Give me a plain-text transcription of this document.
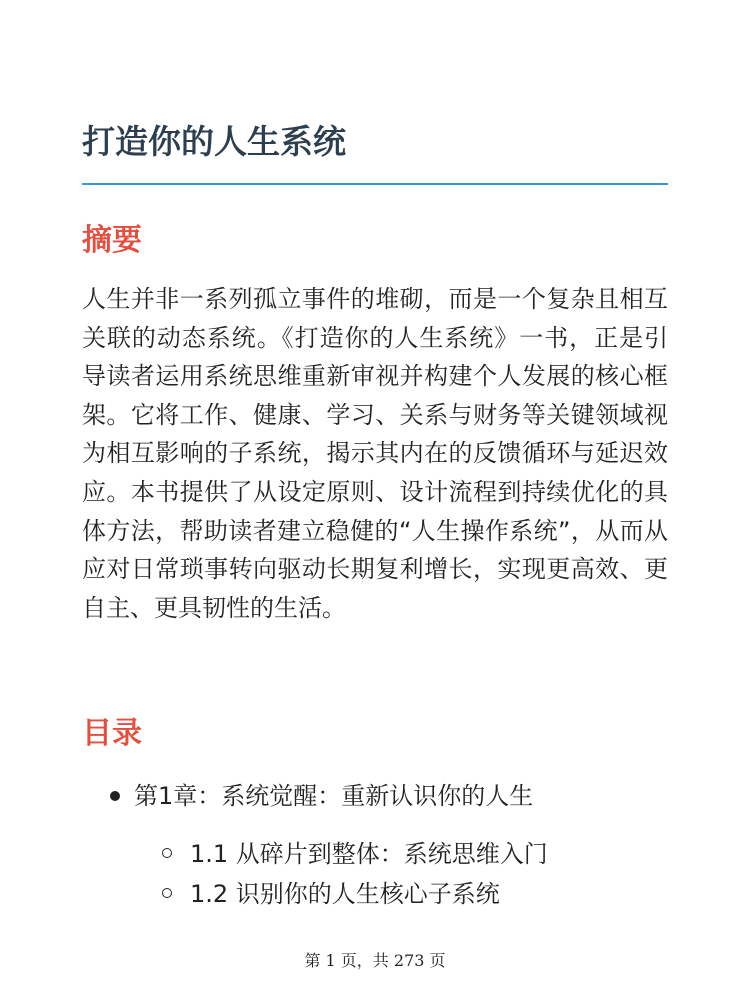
打造你的人生系统
摘要

人生并非一系列孤立事件的堆砌，而是一个复杂且相互关联的动态系统。《打造你的人生系统》一书，正是引导读者运用系统思维重新审视并构建个人发展的核心框架。它将工作、健康、学习、关系与财务等关键领域视为相互影响的子系统，揭示其内在的反馈循环与延迟效应。本书提供了从设定原则、设计流程到持续优化的具体方法，帮助读者建立稳健的“人生操作系统”，从而从应对日常琐事转向驱动长期复利增长，实现更高效、更自主、更具韧性的生活。

目录
第1章：系统觉醒：重新认识你的人生
1.1 从碎片到整体：系统思维入门
1.2 识别你的人生核心子系统
第 1 页，共 273 页
